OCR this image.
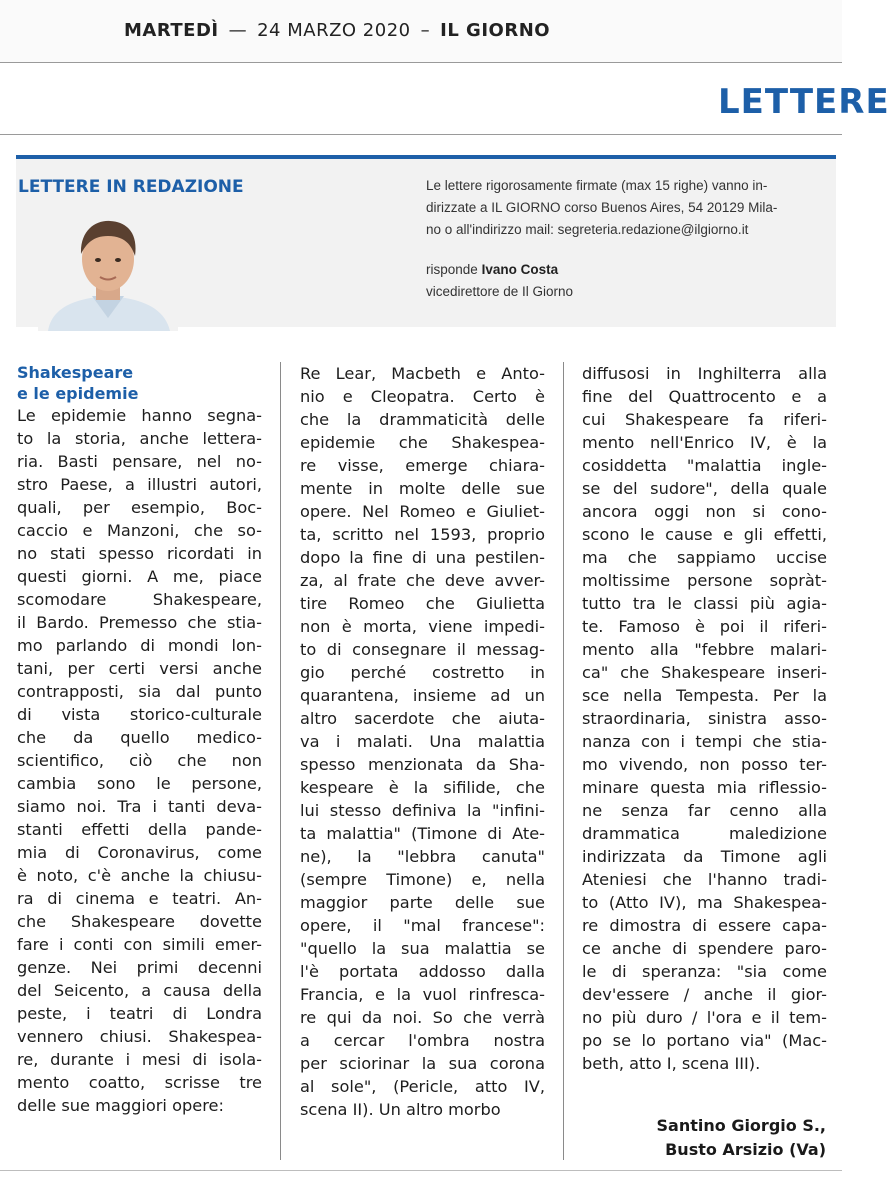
MARTEDÌ — 24 MARZO 2020 – IL GIORNO
LETTERE
LETTERE IN REDAZIONE	Le lettere rigorosamente firmate (max 15 righe) vanno in-
dirizzate a IL GIORNO corso Buenos Aires, 54 20129 Mila-
no o all'indirizzo mail: segreteria.redazione@ilgiorno.it
risponde Ivano Costa
vicedirettore de Il Giorno
Shakespeare
e le epidemie
Le epidemie hanno segna-
to la storia, anche lettera-
ria. Basti pensare, nel no-
stro Paese, a illustri autori,
quali, per esempio, Boc-
caccio e Manzoni, che so-
no stati spesso ricordati in
questi giorni. A me, piace
scomodare Shakespeare,
il Bardo. Premesso che stia-
mo parlando di mondi lon-
tani, per certi versi anche
contrapposti, sia dal punto
di vista storico-culturale
che da quello medico-
scientifico, ciò che non
cambia sono le persone,
siamo noi. Tra i tanti deva-
stanti effetti della pande-
mia di Coronavirus, come
è noto, c'è anche la chiusu-
ra di cinema e teatri. An-
che Shakespeare dovette
fare i conti con simili emer-
genze. Nei primi decenni
del Seicento, a causa della
peste, i teatri di Londra
vennero chiusi. Shakespea-
re, durante i mesi di isola-
mento coatto, scrisse tre
delle sue maggiori opere:
Re Lear, Macbeth e Anto-
nio e Cleopatra. Certo è
che la drammaticità delle
epidemie che Shakespea-
re visse, emerge chiara-
mente in molte delle sue
opere. Nel Romeo e Giuliet-
ta, scritto nel 1593, proprio
dopo la fine di una pestilen-
za, al frate che deve avver-
tire Romeo che Giulietta
non è morta, viene impedi-
to di consegnare il messag-
gio perché costretto in
quarantena, insieme ad un
altro sacerdote che aiuta-
va i malati. Una malattia
spesso menzionata da Sha-
kespeare è la sifilide, che
lui stesso definiva la "infini-
ta malattia" (Timone di Ate-
ne), la "lebbra canuta"
(sempre Timone) e, nella
maggior parte delle sue
opere, il "mal francese":
"quello la sua malattia se
l'è portata addosso dalla
Francia, e la vuol rinfresca-
re qui da noi. So che verrà
a cercar l'ombra nostra
per sciorinar la sua corona
al sole", (Pericle, atto IV,
scena II). Un altro morbo
diffusosi in Inghilterra alla
fine del Quattrocento e a
cui Shakespeare fa riferi-
mento nell'Enrico IV, è la
cosiddetta "malattia ingle-
se del sudore", della quale
ancora oggi non si cono-
scono le cause e gli effetti,
ma che sappiamo uccise
moltissime persone sopràt-
tutto tra le classi più agia-
te. Famoso è poi il riferi-
mento alla "febbre malari-
ca" che Shakespeare inseri-
sce nella Tempesta. Per la
straordinaria, sinistra asso-
nanza con i tempi che stia-
mo vivendo, non posso ter-
minare questa mia riflessio-
ne senza far cenno alla
drammatica maledizione
indirizzata da Timone agli
Ateniesi che l'hanno tradi-
to (Atto IV), ma Shakespea-
re dimostra di essere capa-
ce anche di spendere paro-
le di speranza: "sia come
dev'essere / anche il gior-
no più duro / l'ora e il tem-
po se lo portano via" (Mac-
beth, atto I, scena III).
Santino Giorgio S.,
Busto Arsizio (Va)
